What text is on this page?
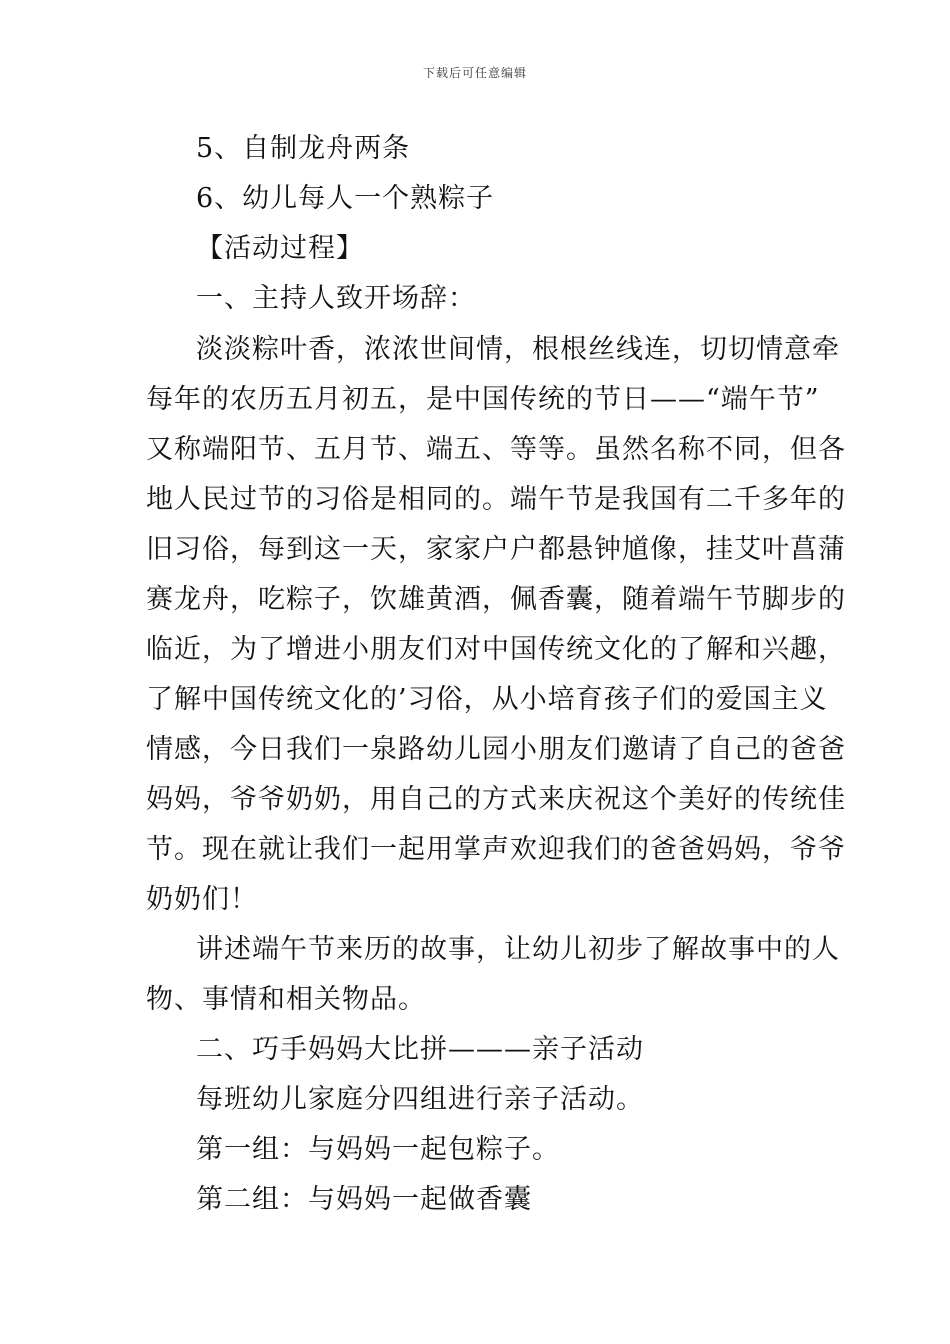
下载后可任意编辑
5、自制龙舟两条
6、幼儿每人一个熟粽子
【活动过程】
一、主持人致开场辞：
淡淡粽叶香，浓浓世间情，根根丝线连，切切情意牵
每年的农历五月初五，是中国传统的节日——“端午节”
又称端阳节、五月节、端五、等等。虽然名称不同，但各
地人民过节的习俗是相同的。端午节是我国有二千多年的
旧习俗，每到这一天，家家户户都悬钟馗像，挂艾叶菖蒲
赛龙舟，吃粽子，饮雄黄酒，佩香囊，随着端午节脚步的
临近，为了增进小朋友们对中国传统文化的了解和兴趣，
了解中国传统文化的’习俗，从小培育孩子们的爱国主义
情感，今日我们一泉路幼儿园小朋友们邀请了自己的爸爸
妈妈，爷爷奶奶，用自己的方式来庆祝这个美好的传统佳
节。现在就让我们一起用掌声欢迎我们的爸爸妈妈，爷爷
奶奶们！
讲述端午节来历的故事，让幼儿初步了解故事中的人
物、事情和相关物品。
二、巧手妈妈大比拼———亲子活动
每班幼儿家庭分四组进行亲子活动。
第一组：与妈妈一起包粽子。
第二组：与妈妈一起做香囊
